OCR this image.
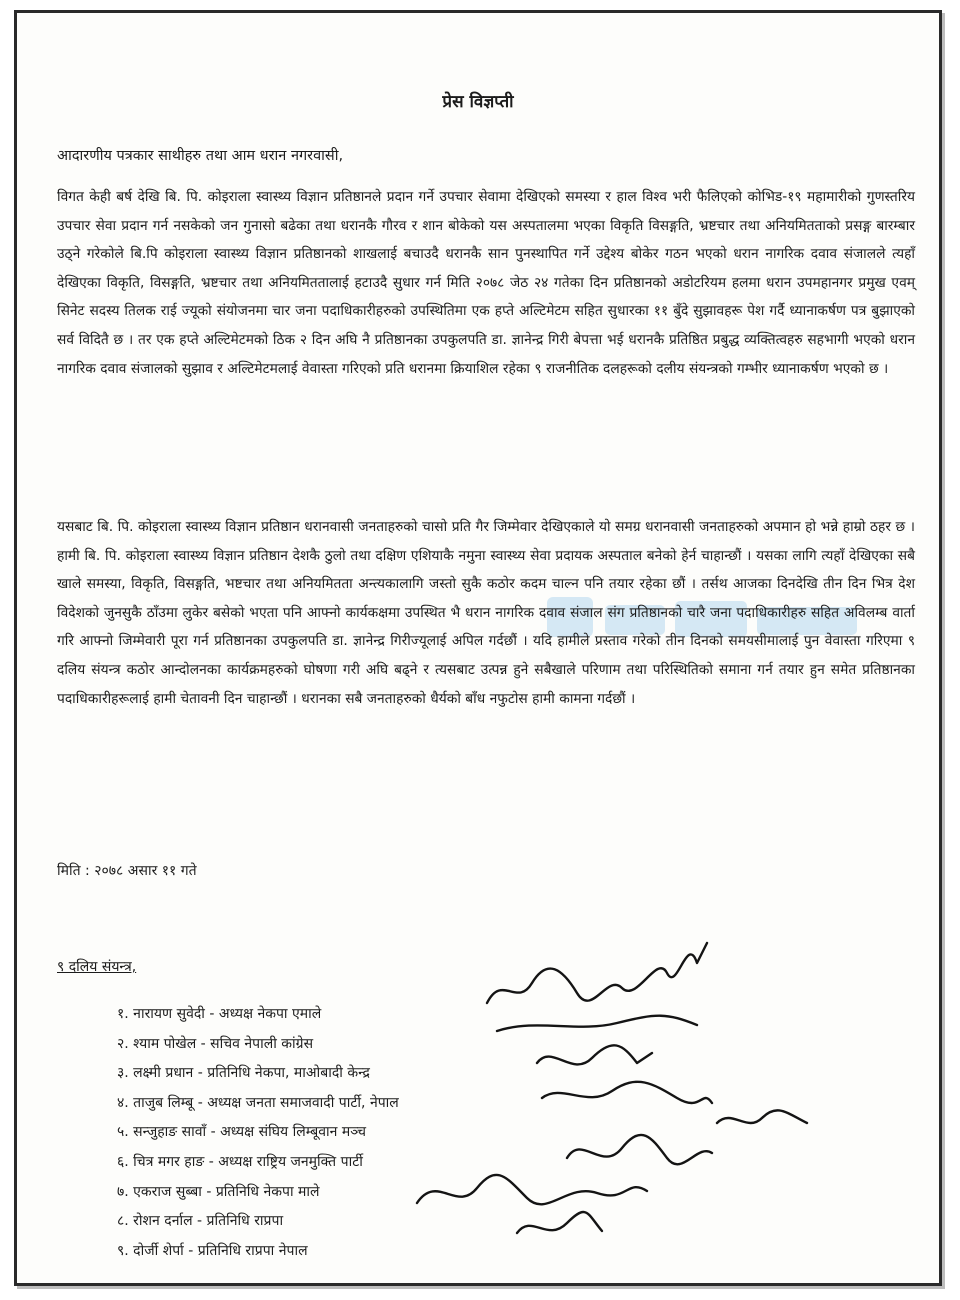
प्रेस विज्ञप्ती
आदारणीय पत्रकार साथीहरु तथा आम धरान नगरवासी,

विगत केही बर्ष देखि बि. पि. कोइराला स्वास्थ्य विज्ञान प्रतिष्ठानले प्रदान गर्ने उपचार सेवामा देखिएको समस्या र हाल विश्व भरी फैलिएको कोभिड-१९ महामारीको गुणस्तरिय उपचार सेवा प्रदान गर्न नसकेको जन गुनासो बढेका तथा धरानकै गौरव र शान बोकेको यस अस्पतालमा भएका विकृति विसङ्गति, भ्रष्टचार तथा अनियमितताको प्रसङ्ग बारम्बार उठ्ने गरेकोले बि.पि कोइराला स्वास्थ्य विज्ञान प्रतिष्ठानको शाखलाई बचाउदै धरानकै सान पुनस्थापित गर्ने उद्देश्य बोकेर गठन भएको धरान नागरिक दवाव संजालले त्यहाँ देखिएका विकृति, विसङ्गति, भ्रष्टचार तथा अनियमिततालाई हटाउदै सुधार गर्न मिति २०७८ जेठ २४ गतेका दिन प्रतिष्ठानको अडोटरियम हलमा धरान उपमहानगर प्रमुख एवम् सिनेट सदस्य तिलक राई ज्यूको संयोजनमा चार जना पदाधिकारीहरुको उपस्थितिमा एक हप्ते अल्टिमेटम सहित सुधारका ११ बुँदे सुझावहरू पेश गर्दै ध्यानाकर्षण पत्र बुझाएको सर्व विदितै छ । तर एक हप्ते अल्टिमेटमको ठिक २ दिन अघि नै प्रतिष्ठानका उपकुलपति डा. ज्ञानेन्द्र गिरी बेपत्ता भई धरानकै प्रतिष्ठित प्रबुद्ध व्यक्तित्वहरु सहभागी भएको धरान नागरिक दवाव संजालको सुझाव र अल्टिमेटमलाई वेवास्ता गरिएको प्रति धरानमा क्रियाशिल रहेका ९ राजनीतिक दलहरूको दलीय संयन्त्रको गम्भीर ध्यानाकर्षण भएको छ ।

यसबाट बि. पि. कोइराला स्वास्थ्य विज्ञान प्रतिष्ठान धरानवासी जनताहरुको चासो प्रति गैर जिम्मेवार देखिएकाले यो समग्र धरानवासी जनताहरुको अपमान हो भन्ने हाम्रो ठहर छ । हामी बि. पि. कोइराला स्वास्थ्य विज्ञान प्रतिष्ठान देशकै ठुलो तथा दक्षिण एशियाकै नमुना स्वास्थ्य सेवा प्रदायक अस्पताल बनेको हेर्न चाहान्छौं । यसका लागि त्यहाँ देखिएका सबै खाले समस्या, विकृति, विसङ्गति, भष्टचार तथा अनियमितता अन्त्यकालागि जस्तो सुकै कठोर कदम चाल्न पनि तयार रहेका छौं । तर्सथ आजका दिनदेखि तीन दिन भित्र देश विदेशको जुनसुकै ठाँउमा लुकेर बसेको भएता पनि आफ्नो कार्यकक्षमा उपस्थित भै धरान नागरिक दवाव संजाल संग प्रतिष्ठानको चारै जना पदाधिकारीहरु सहित अविलम्ब वार्ता गरि आफ्नो जिम्मेवारी पूरा गर्न प्रतिष्ठानका उपकुलपति डा. ज्ञानेन्द्र गिरीज्यूलाई अपिल गर्दछौं । यदि हामीले प्रस्ताव गरेको तीन दिनको समयसीमालाई पुन वेवास्ता गरिएमा ९ दलिय संयन्त्र कठोर आन्दोलनका कार्यक्रमहरुको घोषणा गरी अघि बढ्ने र त्यसबाट उत्पन्न हुने सबैखाले परिणाम तथा परिस्थितिको समाना गर्न तयार हुन समेत प्रतिष्ठानका पदाधिकारीहरूलाई हामी चेतावनी दिन चाहान्छौं । धरानका सबै जनताहरुको धैर्यको बाँध नफुटोस हामी कामना गर्दछौं ।

मिति : २०७८ असार ११ गते
९ दलिय संयन्त्र,
१. नारायण सुवेदी - अध्यक्ष नेकपा एमाले
२. श्याम पोखेल - सचिव नेपाली कांग्रेस
३. लक्ष्मी प्रधान - प्रतिनिधि नेकपा, माओबादी केन्द्र
४. ताजुब लिम्बू - अध्यक्ष जनता समाजवादी पार्टी, नेपाल
५. सन्जुहाङ सावाँ - अध्यक्ष संघिय लिम्बूवान मञ्च
६. चित्र मगर हाङ - अध्यक्ष राष्ट्रिय जनमुक्ति पार्टी
७. एकराज सुब्बा - प्रतिनिधि नेकपा माले
८. रोशन दर्नाल - प्रतिनिधि राप्रपा
९. दोर्जी शेर्पा - प्रतिनिधि राप्रपा नेपाल
